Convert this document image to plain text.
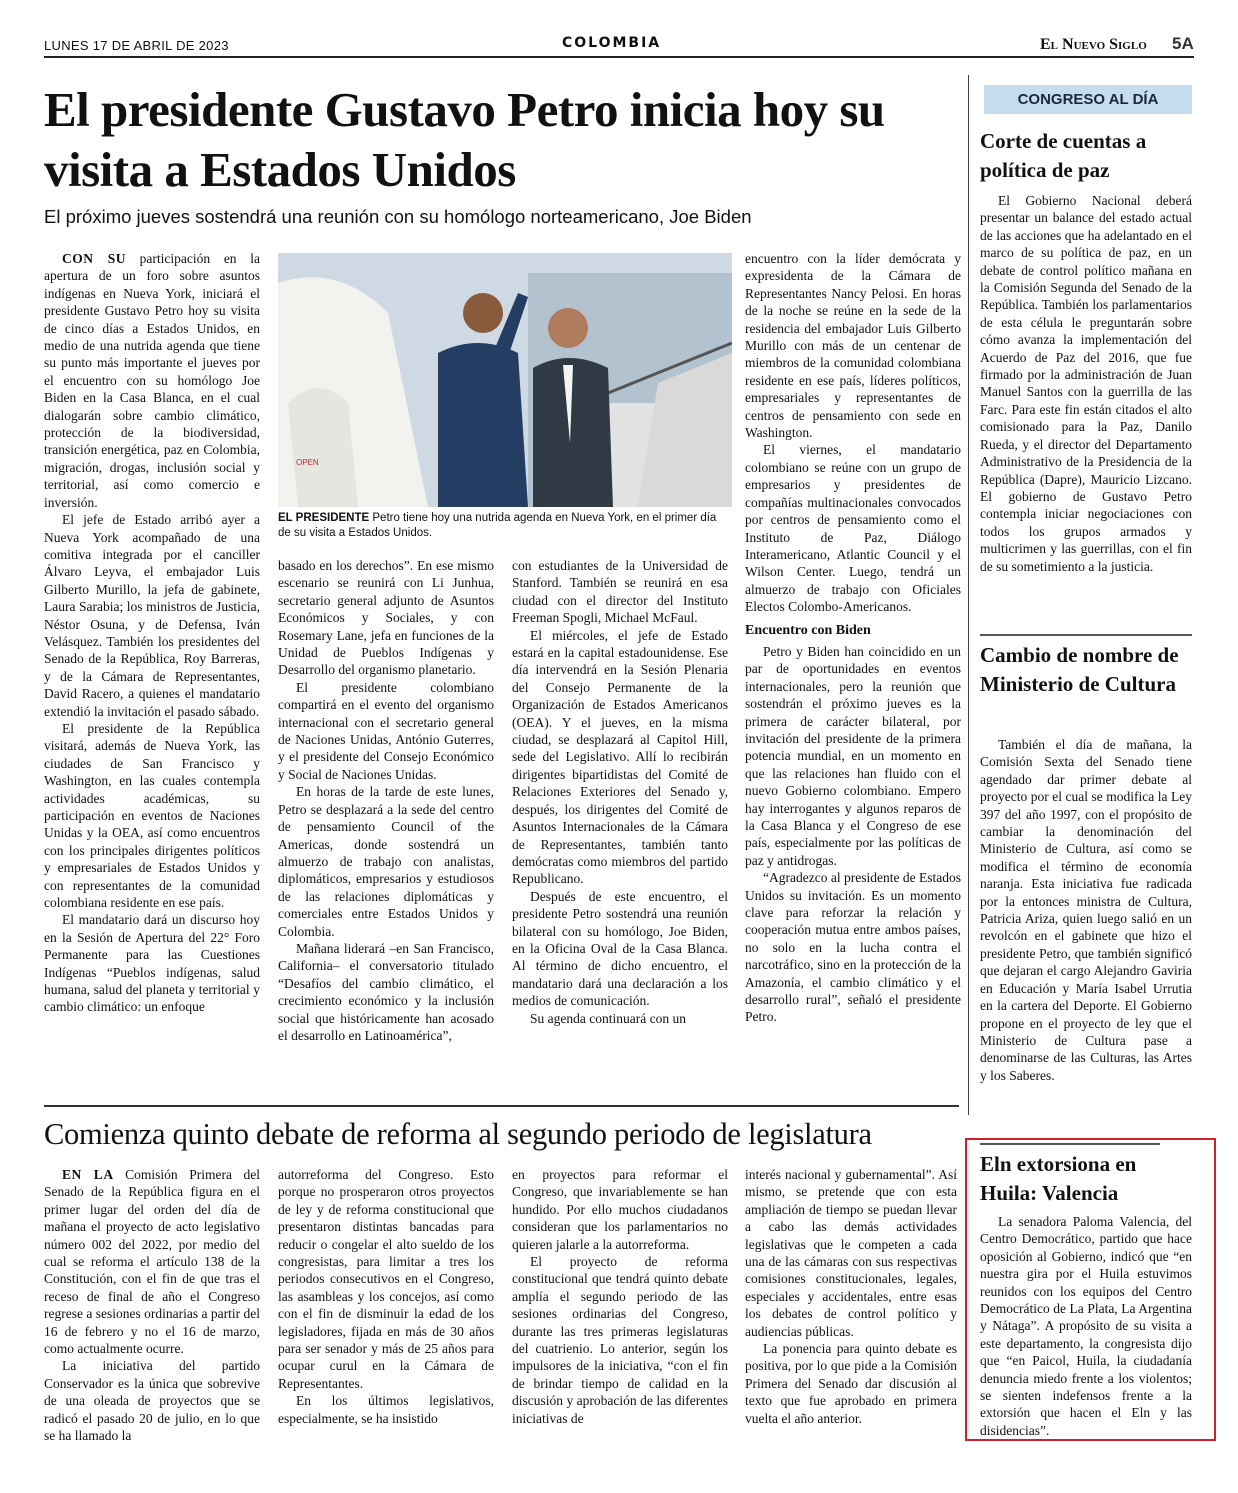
LUNES 17 DE ABRIL DE 2023	COLOMBIA	El Nuevo Siglo 5A
El presidente Gustavo Petro inicia hoy su visita a Estados Unidos
El próximo jueves sostendrá una reunión con su homólogo norteamericano, Joe Biden

CON SU participación en la apertura de un foro sobre asuntos indígenas en Nueva York, iniciará el presidente Gustavo Petro hoy su visita de cinco días a Estados Unidos, en medio de una nutrida agenda que tiene su punto más importante el jueves por el encuentro con su homólogo Joe Biden en la Casa Blanca, en el cual dialogarán sobre cambio climático, protección de la biodiversidad, transición energética, paz en Colombia, migración, drogas, inclusión social y territorial, así como comercio e inversión.

El jefe de Estado arribó ayer a Nueva York acompañado de una comitiva integrada por el canciller Álvaro Leyva, el embajador Luis Gilberto Murillo, la jefa de gabinete, Laura Sarabia; los ministros de Justicia, Néstor Osuna, y de Defensa, Iván Velásquez. También los presidentes del Senado de la República, Roy Barreras, y de la Cámara de Representantes, David Racero, a quienes el mandatario extendió la invitación el pasado sábado.

El presidente de la República visitará, además de Nueva York, las ciudades de San Francisco y Washington, en las cuales contempla actividades académicas, su participación en eventos de Naciones Unidas y la OEA, así como encuentros con los principales dirigentes políticos y empresariales de Estados Unidos y con representantes de la comunidad colombiana residente en ese país.

El mandatario dará un discurso hoy en la Sesión de Apertura del 22° Foro Permanente para las Cuestiones Indígenas “Pueblos indígenas, salud humana, salud del planeta y territorial y cambio climático: un enfoque

OPEN
EL PRESIDENTE Petro tiene hoy una nutrida agenda en Nueva York, en el primer día de su visita a Estados Unidos.

basado en los derechos”. En ese mismo escenario se reunirá con Li Junhua, secretario general adjunto de Asuntos Económicos y Sociales, y con Rosemary Lane, jefa en funciones de la Unidad de Pueblos Indígenas y Desarrollo del organismo planetario.

El presidente colombiano compartirá en el evento del organismo internacional con el secretario general de Naciones Unidas, António Guterres, y el presidente del Consejo Económico y Social de Naciones Unidas.

En horas de la tarde de este lunes, Petro se desplazará a la sede del centro de pensamiento Council of the Americas, donde sostendrá un almuerzo de trabajo con analistas, diplomáticos, empresarios y estudiosos de las relaciones diplomáticas y comerciales entre Estados Unidos y Colombia.

Mañana liderará –en San Francisco, California– el conversatorio titulado “Desafíos del cambio climático, el crecimiento económico y la inclusión social que históricamente han acosado el desarrollo en Latinoamérica”,

con estudiantes de la Universidad de Stanford. También se reunirá en esa ciudad con el director del Instituto Freeman Spogli, Michael McFaul.

El miércoles, el jefe de Estado estará en la capital estadounidense. Ese día intervendrá en la Sesión Plenaria del Consejo Permanente de la Organización de Estados Americanos (OEA). Y el jueves, en la misma ciudad, se desplazará al Capitol Hill, sede del Legislativo. Allí lo recibirán dirigentes bipartidistas del Comité de Relaciones Exteriores del Senado y, después, los dirigentes del Comité de Asuntos Internacionales de la Cámara de Representantes, también tanto demócratas como miembros del partido Republicano.

Después de este encuentro, el presidente Petro sostendrá una reunión bilateral con su homólogo, Joe Biden, en la Oficina Oval de la Casa Blanca. Al término de dicho encuentro, el mandatario dará una declaración a los medios de comunicación.

Su agenda continuará con un

encuentro con la líder demócrata y expresidenta de la Cámara de Representantes Nancy Pelosi. En horas de la noche se reúne en la sede de la residencia del embajador Luis Gilberto Murillo con más de un centenar de miembros de la comunidad colombiana residente en ese país, líderes políticos, empresariales y representantes de centros de pensamiento con sede en Washington.

El viernes, el mandatario colombiano se reúne con un grupo de empresarios y presidentes de compañías multinacionales convocados por centros de pensamiento como el Instituto de Paz, Diálogo Interamericano, Atlantic Council y el Wilson Center. Luego, tendrá un almuerzo de trabajo con Oficiales Electos Colombo-Americanos.

Encuentro con Biden

Petro y Biden han coincidido en un par de oportunidades en eventos internacionales, pero la reunión que sostendrán el próximo jueves es la primera de carácter bilateral, por invitación del presidente de la primera potencia mundial, en un momento en que las relaciones han fluido con el nuevo Gobierno colombiano. Empero hay interrogantes y algunos reparos de la Casa Blanca y el Congreso de ese país, especialmente por las políticas de paz y antidrogas.

“Agradezco al presidente de Estados Unidos su invitación. Es un momento clave para reforzar la relación y cooperación mutua entre ambos países, no solo en la lucha contra el narcotráfico, sino en la protección de la Amazonía, el cambio climático y el desarrollo rural”, señaló el presidente Petro.

CONGRESO AL DÍA
Corte de cuentas a política de paz

El Gobierno Nacional deberá presentar un balance del estado actual de las acciones que ha adelantado en el marco de su política de paz, en un debate de control político mañana en la Comisión Segunda del Senado de la República. También los parlamentarios de esta célula le preguntarán sobre cómo avanza la implementación del Acuerdo de Paz del 2016, que fue firmado por la administración de Juan Manuel Santos con la guerrilla de las Farc. Para este fin están citados el alto comisionado para la Paz, Danilo Rueda, y el director del Departamento Administrativo de la Presidencia de la República (Dapre), Mauricio Lizcano. El gobierno de Gustavo Petro contempla iniciar negociaciones con todos los grupos armados y multicrimen y las guerrillas, con el fin de su sometimiento a la justicia.

Cambio de nombre de Ministerio de Cultura

También el día de mañana, la Comisión Sexta del Senado tiene agendado dar primer debate al proyecto por el cual se modifica la Ley 397 del año 1997, con el propósito de cambiar la denominación del Ministerio de Cultura, así como se modifica el término de economía naranja. Esta iniciativa fue radicada por la entonces ministra de Cultura, Patricia Ariza, quien luego salió en un revolcón en el gabinete que hizo el presidente Petro, que también significó que dejaran el cargo Alejandro Gaviria en Educación y María Isabel Urrutia en la cartera del Deporte. El Gobierno propone en el proyecto de ley que el Ministerio de Cultura pase a denominarse de las Culturas, las Artes y los Saberes.

Eln extorsiona en Huila: Valencia

La senadora Paloma Valencia, del Centro Democrático, partido que hace oposición al Gobierno, indicó que “en nuestra gira por el Huila estuvimos reunidos con los equipos del Centro Democrático de La Plata, La Argentina y Nátaga”. A propósito de su visita a este departamento, la congresista dijo que “en Paicol, Huila, la ciudadanía denuncia miedo frente a los violentos; se sienten indefensos frente a la extorsión que hacen el Eln y las disidencias”.

Comienza quinto debate de reforma al segundo periodo de legislatura

EN LA Comisión Primera del Senado de la República figura en el primer lugar del orden del día de mañana el proyecto de acto legislativo número 002 del 2022, por medio del cual se reforma el artículo 138 de la Constitución, con el fin de que tras el receso de final de año el Congreso regrese a sesiones ordinarias a partir del 16 de febrero y no el 16 de marzo, como actualmente ocurre.

La iniciativa del partido Conservador es la única que sobrevive de una oleada de proyectos que se radicó el pasado 20 de julio, en lo que se ha llamado la

autorreforma del Congreso. Esto porque no prosperaron otros proyectos de ley y de reforma constitucional que presentaron distintas bancadas para reducir o congelar el alto sueldo de los congresistas, para limitar a tres los periodos consecutivos en el Congreso, las asambleas y los concejos, así como con el fin de disminuir la edad de los legisladores, fijada en más de 30 años para ser senador y más de 25 años para ocupar curul en la Cámara de Representantes.

En los últimos legislativos, especialmente, se ha insistido

en proyectos para reformar el Congreso, que invariablemente se han hundido. Por ello muchos ciudadanos consideran que los parlamentarios no quieren jalarle a la autorreforma.

El proyecto de reforma constitucional que tendrá quinto debate amplía el segundo periodo de las sesiones ordinarias del Congreso, durante las tres primeras legislaturas del cuatrienio. Lo anterior, según los impulsores de la iniciativa, “con el fin de brindar tiempo de calidad en la discusión y aprobación de las diferentes iniciativas de

interés nacional y gubernamental”. Así mismo, se pretende que con esta ampliación de tiempo se puedan llevar a cabo las demás actividades legislativas que le competen a cada una de las cámaras con sus respectivas comisiones constitucionales, legales, especiales y accidentales, entre esas los debates de control político y audiencias públicas.

La ponencia para quinto debate es positiva, por lo que pide a la Comisión Primera del Senado dar discusión al texto que fue aprobado en primera vuelta el año anterior.
